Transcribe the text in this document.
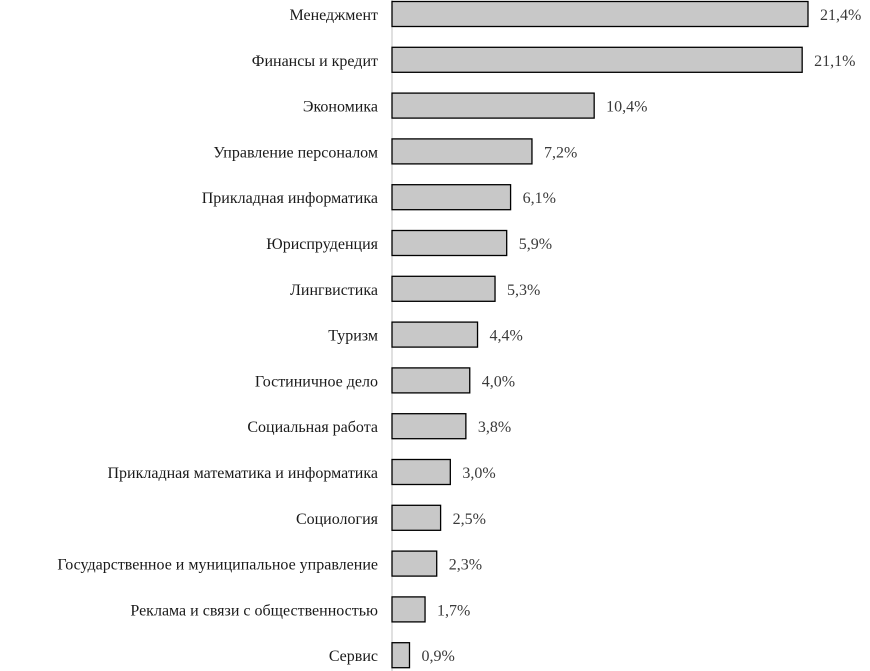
Менеджмент
Финансы и кредит
Экономика
Управление персоналом
Прикладная информатика
Юриспруденция
Лингвистика
Туризм
Гостиничное дело
Социальная работа
Прикладная математика и информатика
Социология
Государственное и муниципальное управление
Реклама и связи с общественностью
Сервис
21,4%
21,1%
10,4%
7,2%
6,1%
5,9%
5,3%
4,4%
4,0%
3,8%
3,0%
2,5%
2,3%
1,7%
0,9%
